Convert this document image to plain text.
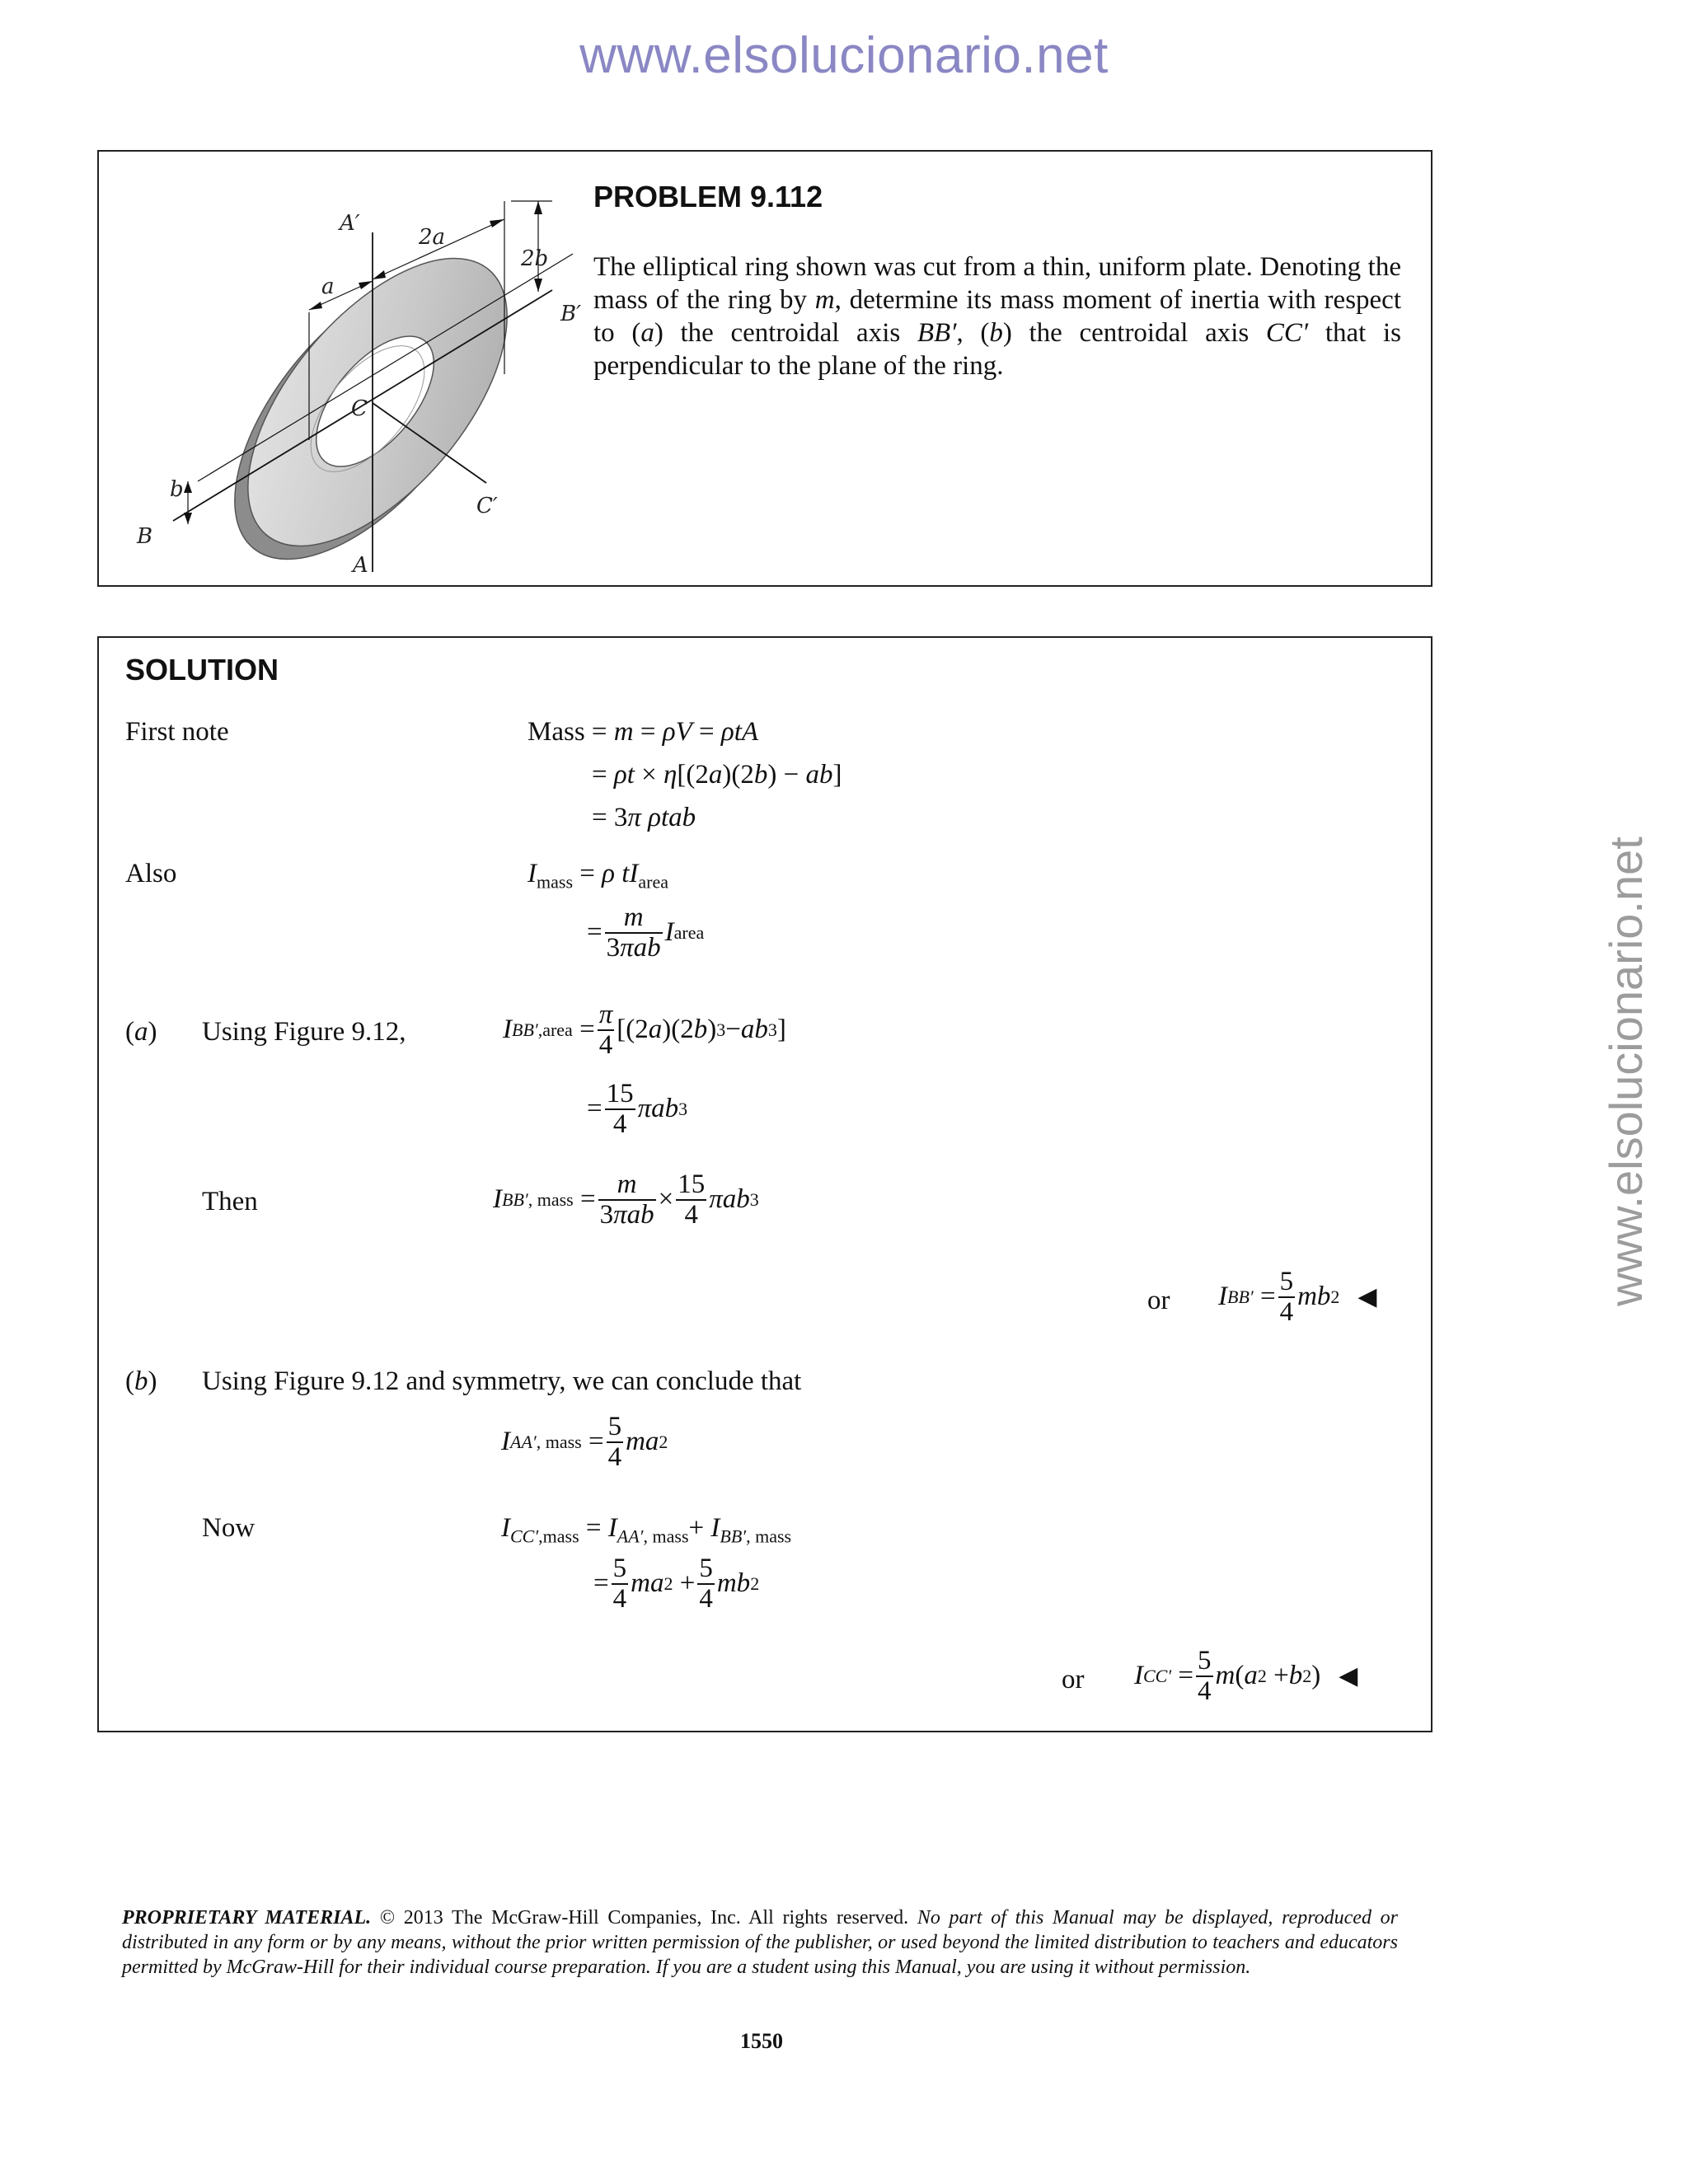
www.elsolucionario.net
www.elsolucionario.net
A′
2a
a
2b
B′
C
b
C′
B
A
PROBLEM 9.112
The elliptical ring shown was cut from a thin, uniform plate. Denoting the mass of the ring by m, determine its mass moment of inertia with respect to (a) the centroidal axis BB′, (b) the centroidal axis CC′ that is perpendicular to the plane of the ring.
SOLUTION
First note	Mass = m = ρV = ρtA
= ρt × η[(2a)(2b) − ab]
= 3π ρtab
Also	$I_{mass} = \rho$ $tI_{area}$
= $\frac{m}{\text{3πab}}$ I area
(a) Using Figure 9.12,	I BB′,area = $\frac{\pi}{4} [(2$ a )(2 b ) 3 − ab 3 ]
= $\frac{15}{4}$ πab 3
Then	I BB′, mass = $\frac{m}{\text{3πab}} \times \frac{15}{4}$ πab 3
or I $BB' = \frac{5}{4}$ mb 2 ◀
(b) Using Figure 9.12 and symmetry, we can conclude that
I AA′, mass = $\frac{5}{4}$ ma 2
Now	$I_{CC',mass} = I_{AA', mass}+ I_{BB', mass}$
= $\frac{5}{4}$ ma $2 + \frac{5}{4}$ mb 2
or I $CC' = \frac{5}{4}$ m ( a 2 + b 2 ) ◀
PROPRIETARY MATERIAL. © 2013 The McGraw-Hill Companies, Inc. All rights reserved. No part of this Manual may be displayed, reproduced or distributed in any form or by any means, without the prior written permission of the publisher, or used beyond the limited distribution to teachers and educators permitted by McGraw-Hill for their individual course preparation. If you are a student using this Manual, you are using it without permission.
1550
